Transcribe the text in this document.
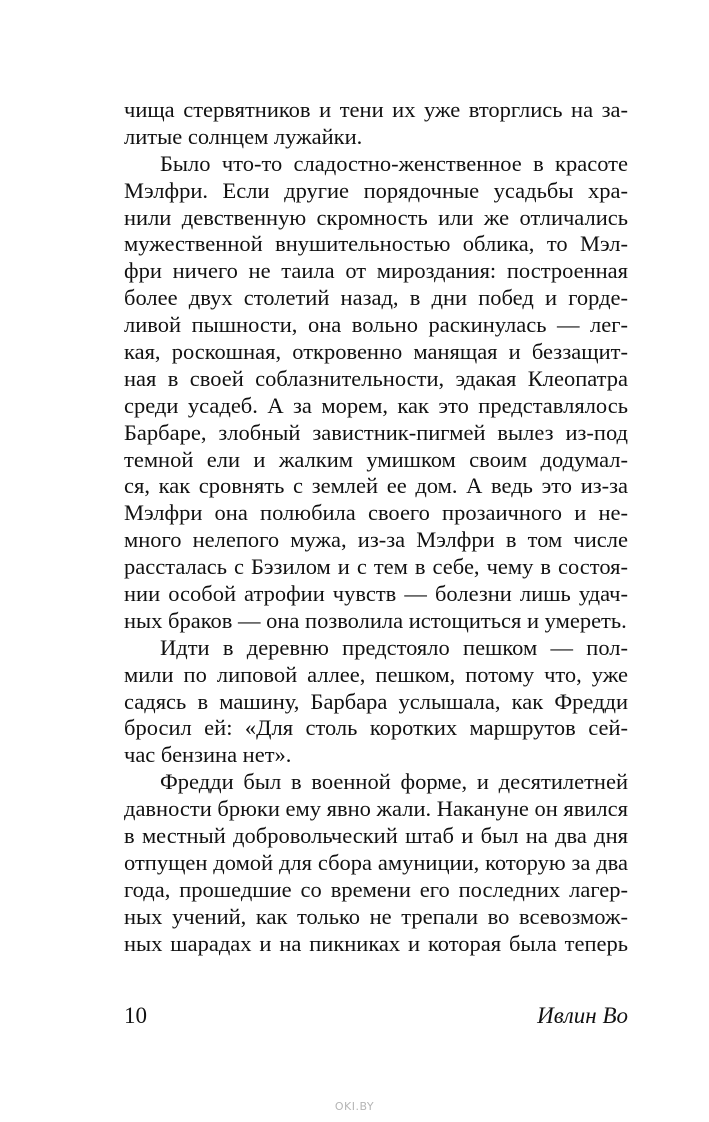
чища стервятников и тени их уже вторглись на за-
литые солнцем лужайки.
Было что-то сладостно-женственное в красоте
Мэлфри. Если другие порядочные усадьбы хра-
нили девственную скромность или же отличались
мужественной внушительностью облика, то Мэл-
фри ничего не таила от мироздания: построенная
более двух столетий назад, в дни побед и горде-
ливой пышности, она вольно раскинулась — лег-
кая, роскошная, откровенно манящая и беззащит-
ная в своей соблазнительности, эдакая Клеопатра
среди усадеб. А за морем, как это представлялось
Барбаре, злобный завистник-пигмей вылез из-под
темной ели и жалким умишком своим додумал-
ся, как сровнять с землей ее дом. А ведь это из-за
Мэлфри она полюбила своего прозаичного и не-
много нелепого мужа, из-за Мэлфри в том числе
рассталась с Бэзилом и с тем в себе, чему в состоя-
нии особой атрофии чувств — болезни лишь удач-
ных браков — она позволила истощиться и умереть.
Идти в деревню предстояло пешком — пол-
мили по липовой аллее, пешком, потому что, уже
садясь в машину, Барбара услышала, как Фредди
бросил ей: «Для столь коротких маршрутов сей-
час бензина нет».
Фредди был в военной форме, и десятилетней
давности брюки ему явно жали. Накануне он явился
в местный добровольческий штаб и был на два дня
отпущен домой для сбора амуниции, которую за два
года, прошедшие со времени его последних лагер-
ных учений, как только не трепали во всевозмож-
ных шарадах и на пикниках и которая была теперь
10	Ивлин Во
OKI.BY
